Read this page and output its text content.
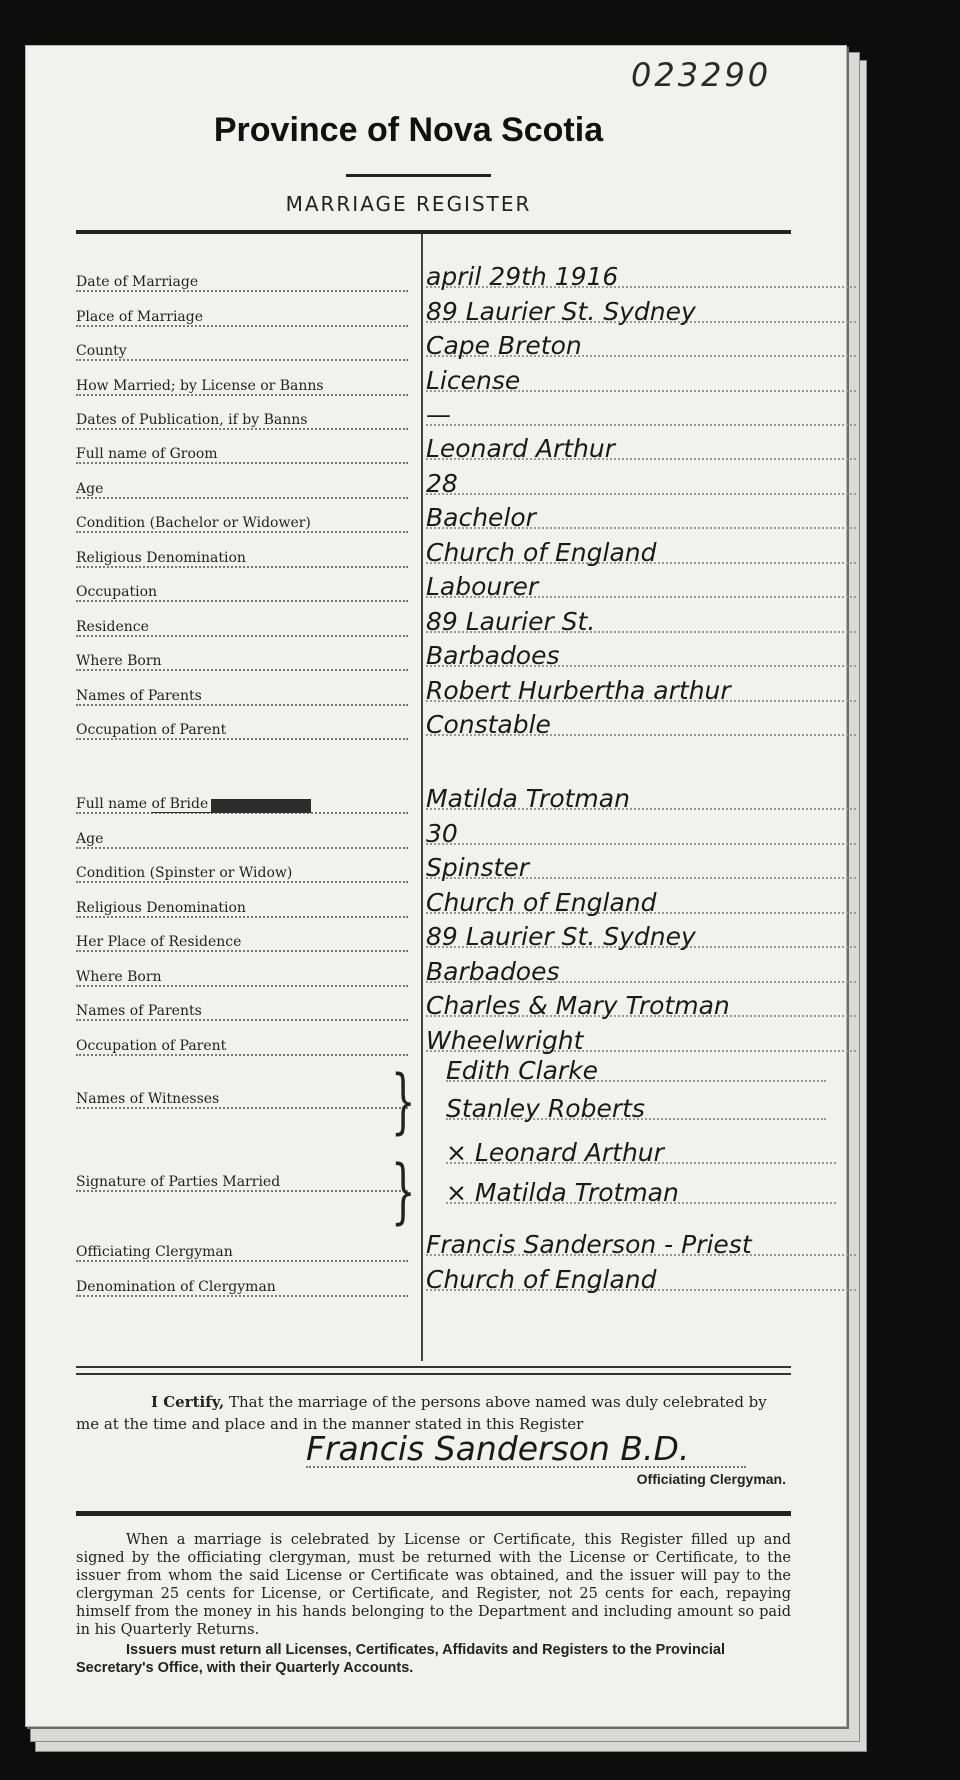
023290
Province of Nova Scotia
MARRIAGE REGISTER
Date of Marriage	april 29th 1916
Place of Marriage	89 Laurier St. Sydney
County	Cape Breton
How Married; by License or Banns	License
Dates of Publication, if by Banns	—
Full name of Groom	Leonard Arthur
Age	28
Condition (Bachelor or Widower)	Bachelor
Religious Denomination	Church of England
Occupation	Labourer
Residence	89 Laurier St.
Where Born	Barbadoes
Names of Parents	Robert Hurbertha arthur
Occupation of Parent	Constable
Full name of Bride	Matilda Trotman
Age	30
Condition (Spinster or Widow)	Spinster
Religious Denomination	Church of England
Her Place of Residence	89 Laurier St. Sydney
Where Born	Barbadoes
Names of Parents	Charles & Mary Trotman
Occupation of Parent	Wheelwright
Names of Witnesses
Edith Clarke
Stanley Roberts
Signature of Parties Married
× Leonard Arthur
× Matilda Trotman
Officiating Clergyman	Francis Sanderson - Priest
Denomination of Clergyman	Church of England
}
}
I Certify, That the marriage of the persons above named was duly celebrated by me at the time and place and in the manner stated in this Register
Francis Sanderson B.D.
Officiating Clergyman.
When a marriage is celebrated by License or Certificate, this Register filled up and signed by the officiating clergyman, must be returned with the License or Certificate, to the issuer from whom the said License or Certificate was obtained, and the issuer will pay to the clergyman 25 cents for License, or Certificate, and Register, not 25 cents for each, repaying himself from the money in his hands belonging to the Department and including amount so paid in his Quarterly Returns.
Issuers must return all Licenses, Certificates, Affidavits and Registers to the Provincial Secretary's Office, with their Quarterly Accounts.
